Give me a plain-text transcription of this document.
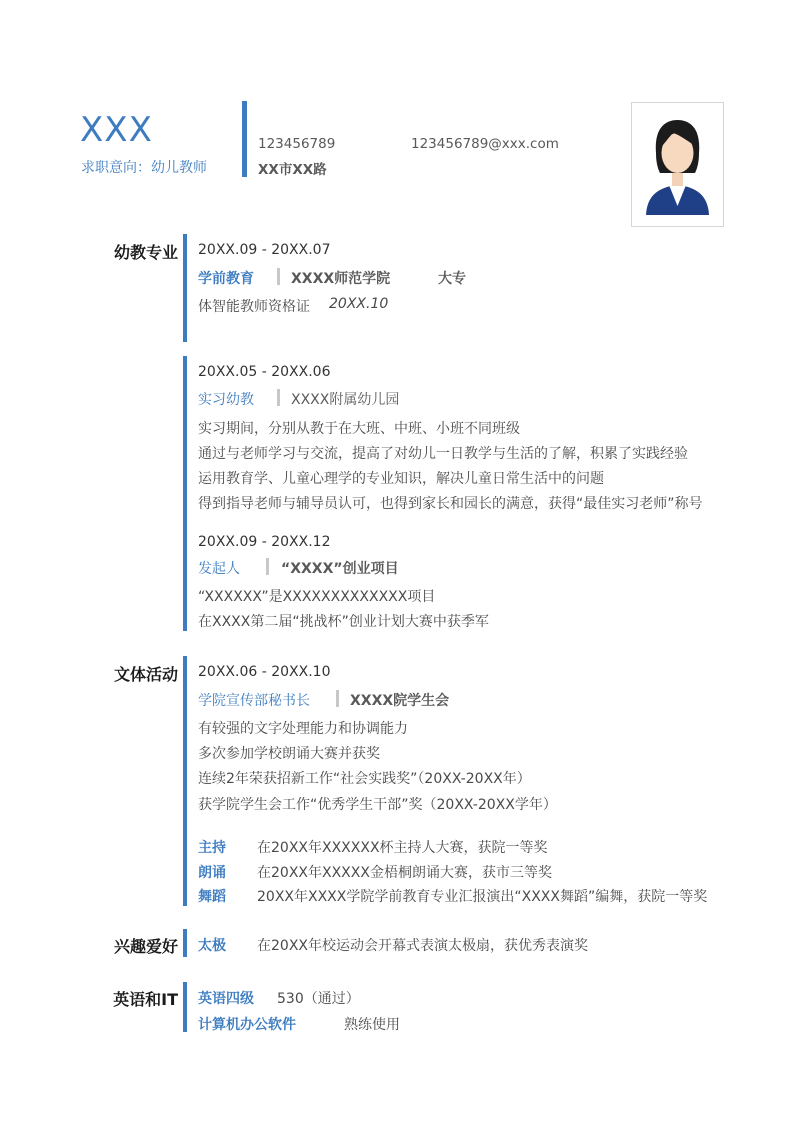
XXX
求职意向：幼儿教师
123456789	123456789@xxx.com
XX市XX路
幼教专业 20XX.09 - 20XX.07
学前教育	XXXX师范学院	大专
体智能教师资格证 20XX.10
20XX.05 - 20XX.06
实习幼教	XXXX附属幼儿园
实习期间，分别从教于在大班、中班、小班不同班级
通过与老师学习与交流，提高了对幼儿一日教学与生活的了解，积累了实践经验
运用教育学、儿童心理学的专业知识，解决儿童日常生活中的问题
得到指导老师与辅导员认可，也得到家长和园长的满意，获得“最佳实习老师”称号
20XX.09 - 20XX.12
发起人	“XXXX”创业项目
“XXXXXX”是XXXXXXXXXXXXX项目
在XXXX第二届“挑战杯”创业计划大赛中获季军
文体活动 20XX.06 - 20XX.10
学院宣传部秘书长	XXXX院学生会
有较强的文字处理能力和协调能力
多次参加学校朗诵大赛并获奖
连续2年荣获招新工作“社会实践奖”（20XX-20XX年）
获学院学生会工作“优秀学生干部”奖（20XX-20XX学年）
主持 在20XX年XXXXXX杯主持人大赛，获院一等奖
朗诵 在20XX年XXXXX金梧桐朗诵大赛，获市三等奖
舞蹈 20XX年XXXX学院学前教育专业汇报演出“XXXX舞蹈”编舞，获院一等奖
兴趣爱好 太极 在20XX年校运动会开幕式表演太极扇，获优秀表演奖
英语和IT 英语四级 530（通过）
计算机办公软件	熟练使用
